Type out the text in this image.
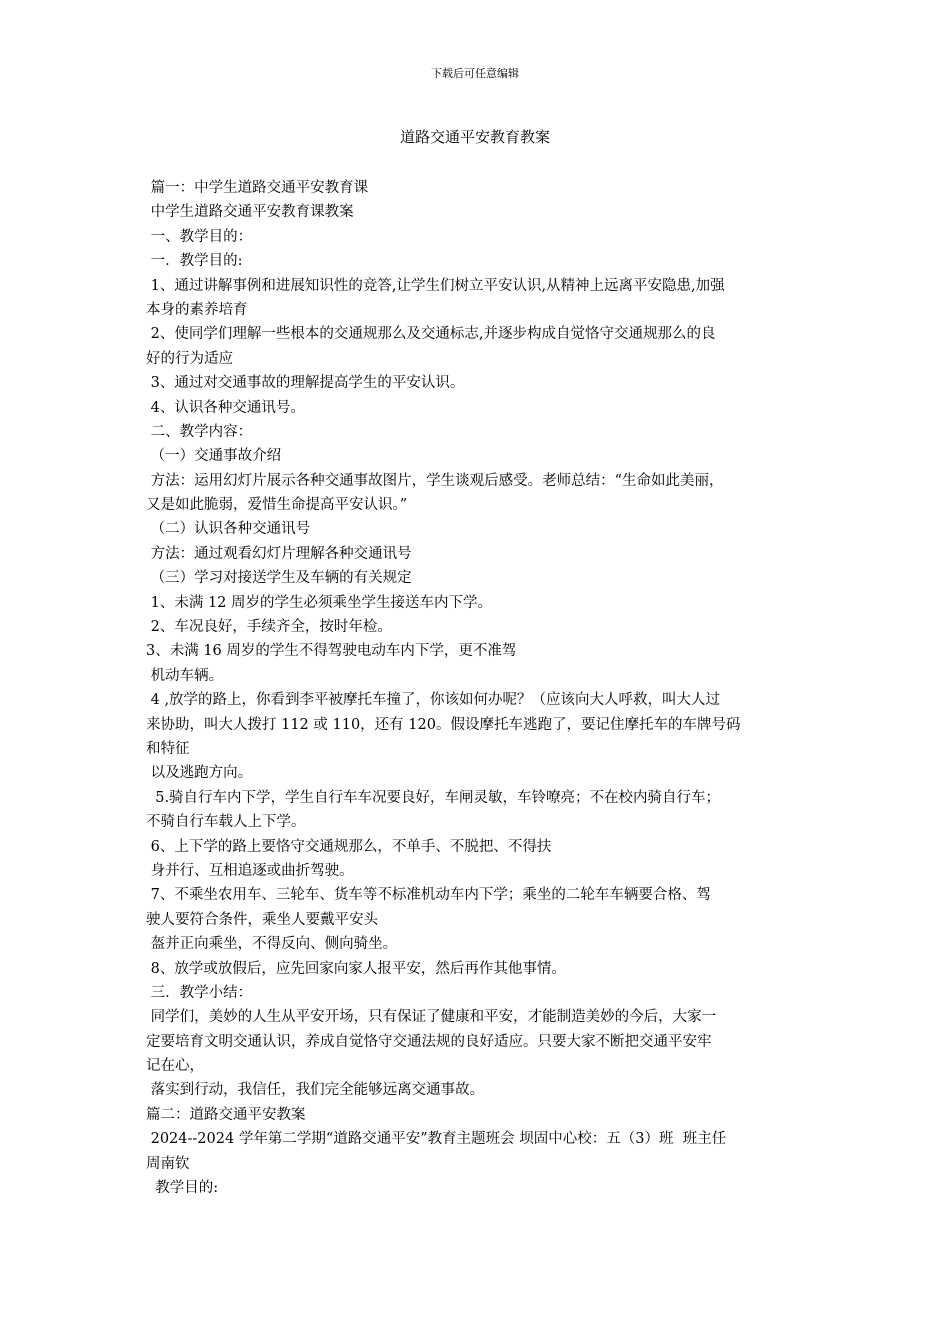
下载后可任意编辑
道路交通平安教育教案
篇一：中学生道路交通平安教育课
中学生道路交通平安教育课教案
一、教学目的：
一．教学目的:
1、通过讲解事例和进展知识性的竞答,让学生们树立平安认识,从精神上远离平安隐患,加强
本身的素养培育
2、使同学们理解一些根本的交通规那么及交通标志,并逐步构成自觉恪守交通规那么的良
好的行为适应
3、通过对交通事故的理解提高学生的平安认识。
4、认识各种交通讯号。
二、教学内容：
（一）交通事故介绍
方法：运用幻灯片展示各种交通事故图片，学生谈观后感受。老师总结：“生命如此美丽，
又是如此脆弱，爱惜生命提高平安认识。”
（二）认识各种交通讯号
方法：通过观看幻灯片理解各种交通讯号
（三）学习对接送学生及车辆的有关规定
1、未满 12 周岁的学生必须乘坐学生接送车内下学。
2、车况良好，手续齐全，按时年检。
3、未满 16 周岁的学生不得驾驶电动车内下学，更不准驾
机动车辆。
4 ,放学的路上，你看到李平被摩托车撞了，你该如何办呢？（应该向大人呼救，叫大人过
来协助，叫大人拨打 112 或 110，还有 120。假设摩托车逃跑了，要记住摩托车的车牌号码
和特征
以及逃跑方向。
5.骑自行车内下学，学生自行车车况要良好，车闸灵敏，车铃嘹亮；不在校内骑自行车；
不骑自行车载人上下学。
6、上下学的路上要恪守交通规那么，不单手、不脱把、不得扶
身并行、互相追逐或曲折驾驶。
7、不乘坐农用车、三轮车、货车等不标准机动车内下学；乘坐的二轮车车辆要合格、驾
驶人要符合条件，乘坐人要戴平安头
盔并正向乘坐，不得反向、侧向骑坐。
8、放学或放假后，应先回家向家人报平安，然后再作其他事情。
三．教学小结：
同学们，美妙的人生从平安开场，只有保证了健康和平安，才能制造美妙的今后，大家一
定要培育文明交通认识，养成自觉恪守交通法规的良好适应。只要大家不断把交通平安牢
记在心，
落实到行动，我信任，我们完全能够远离交通事故。
篇二：道路交通平安教案
2024--2024 学年第二学期“道路交通平安”教育主题班会 坝固中心校：五（3）班  班主任
周南钦
教学目的:
